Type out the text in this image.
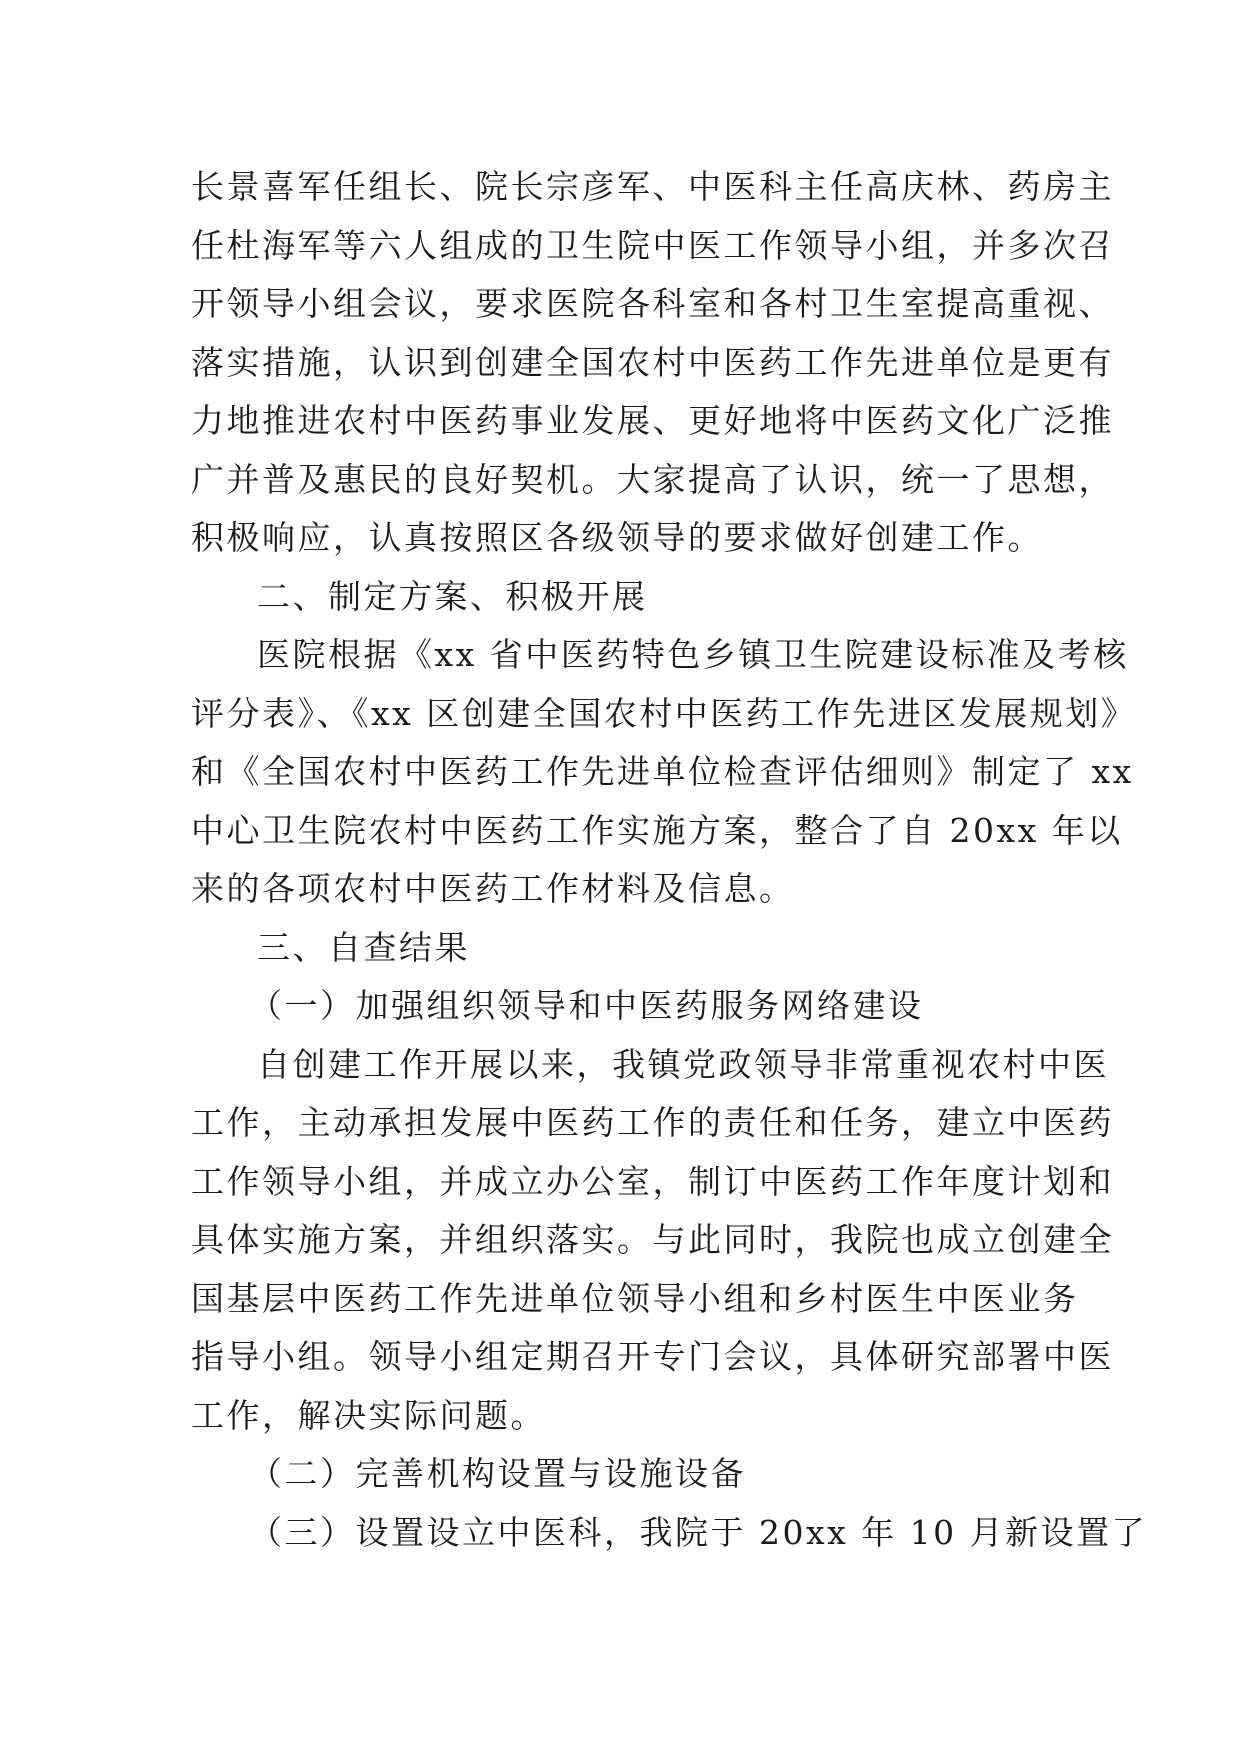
长景喜军任组长、院长宗彦军、中医科主任高庆林、药房主
任杜海军等六人组成的卫生院中医工作领导小组，并多次召
开领导小组会议，要求医院各科室和各村卫生室提高重视、
落实措施，认识到创建全国农村中医药工作先进单位是更有
力地推进农村中医药事业发展、更好地将中医药文化广泛推
广并普及惠民的良好契机。大家提高了认识，统一了思想，
积极响应，认真按照区各级领导的要求做好创建工作。
二、制定方案、积极开展
医院根据《xx 省中医药特色乡镇卫生院建设标准及考核
评分表》、《xx 区创建全国农村中医药工作先进区发展规划》
和《全国农村中医药工作先进单位检查评估细则》制定了 xx
中心卫生院农村中医药工作实施方案，整合了自 20xx 年以
来的各项农村中医药工作材料及信息。
三、自查结果
（一）加强组织领导和中医药服务网络建设
自创建工作开展以来，我镇党政领导非常重视农村中医
工作，主动承担发展中医药工作的责任和任务，建立中医药
工作领导小组，并成立办公室，制订中医药工作年度计划和
具体实施方案，并组织落实。与此同时，我院也成立创建全
国基层中医药工作先进单位领导小组和乡村医生中医业务
指导小组。领导小组定期召开专门会议，具体研究部署中医
工作，解决实际问题。
（二）完善机构设置与设施设备
（三）设置设立中医科，我院于 20xx 年 10 月新设置了
